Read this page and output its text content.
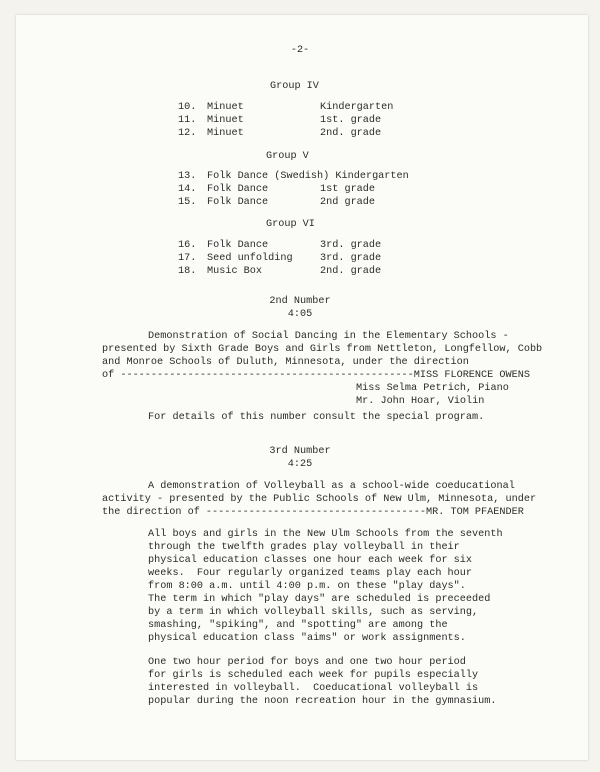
-2-
Group IV
10. Minuet	Kindergarten
11. Minuet	1st. grade
12. Minuet	2nd. grade
Group V
13. Folk Dance (Swedish) Kindergarten
14. Folk Dance	1st grade
15. Folk Dance	2nd grade
Group VI
16. Folk Dance	3rd. grade
17. Seed unfolding	3rd. grade
18. Music Box	2nd. grade
2nd Number
4:05
Demonstration of Social Dancing in the Elementary Schools -
presented by Sixth Grade Boys and Girls from Nettleton, Longfellow, Cobb
and Monroe Schools of Duluth, Minnesota, under the direction
of ------------------------------------------------MISS FLORENCE OWENS
Miss Selma Petrich, Piano
Mr. John Hoar, Violin
For details of this number consult the special program.
3rd Number
4:25
A demonstration of Volleyball as a school-wide coeducational
activity - presented by the Public Schools of New Ulm, Minnesota, under
the direction of ------------------------------------MR. TOM PFAENDER
All boys and girls in the New Ulm Schools from the seventh
through the twelfth grades play volleyball in their
physical education classes one hour each week for six
weeks.  Four regularly organized teams play each hour
from 8:00 a.m. until 4:00 p.m. on these "play days".
The term in which "play days" are scheduled is preceeded
by a term in which volleyball skills, such as serving,
smashing, "spiking", and "spotting" are among the
physical education class "aims" or work assignments.
One two hour period for boys and one two hour period
for girls is scheduled each week for pupils especially
interested in volleyball.  Coeducational volleyball is
popular during the noon recreation hour in the gymnasium.
